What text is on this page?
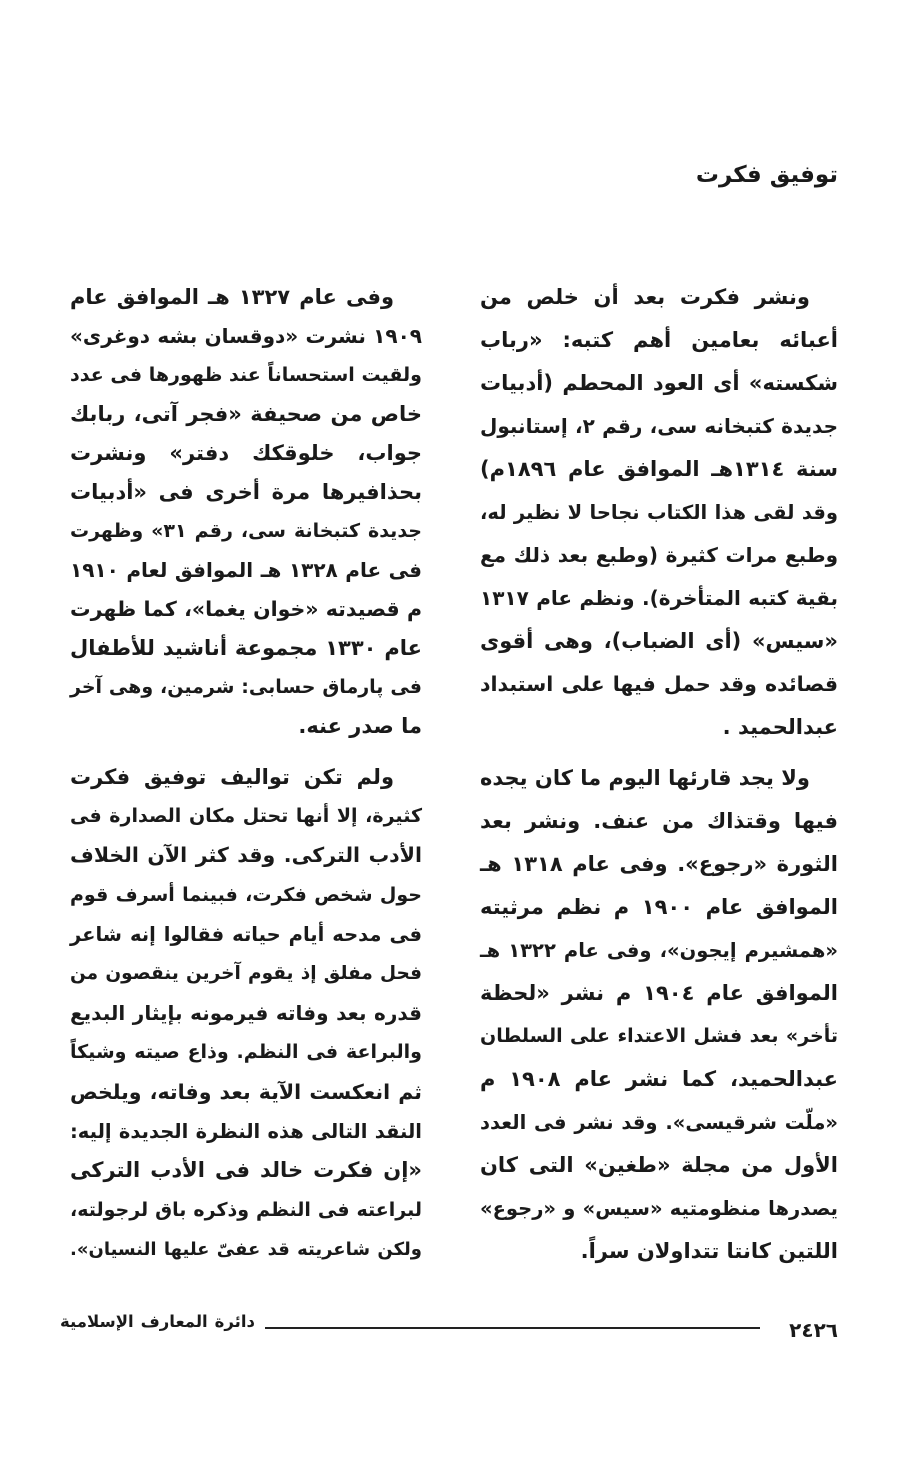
توفيق فكرت
ونشر فكرت بعد أن خلص من
أعبائه بعامين أهم كتبه: «رباب
شكسته» أى العود المحطم (أدبيات
جديدة كتبخانه سى، رقم ٢، إستانبول
سنة ١٣١٤هـ الموافق عام ١٨٩٦م)
وقد لقى هذا الكتاب نجاحا لا نظير له،
وطبع مرات كثيرة (وطبع بعد ذلك مع
بقية كتبه المتأخرة). ونظم عام ١٣١٧
«سيس» (أى الضباب)، وهى أقوى
قصائده وقد حمل فيها على استبداد
عبدالحميد .
ولا يجد قارئها اليوم ما كان يجده
فيها وقتذاك من عنف. ونشر بعد
الثورة «رجوع». وفى عام ١٣١٨ هـ
الموافق عام ١٩٠٠ م نظم مرثيته
«همشيرم إيجون»، وفى عام ١٣٢٢ هـ
الموافق عام ١٩٠٤ م نشر «لحظة
تأخر» بعد فشل الاعتداء على السلطان
عبدالحميد، كما نشر عام ١٩٠٨ م
«ملّت شرقيسى». وقد نشر فى العدد
الأول من مجلة «طغين» التى كان
يصدرها منظومتيه «سيس» و «رجوع»
اللتين كانتا تتداولان سراً.
وفى عام ١٣٢٧ هـ الموافق عام
١٩٠٩ نشرت «دوقسان بشه دوغرى»
ولقيت استحساناً عند ظهورها فى عدد
خاص من صحيفة «فجر آتى، ربابك
جواب، خلوقكك دفتر» ونشرت
بحذافيرها مرة أخرى فى «أدبيات
جديدة كتبخانة سى، رقم ٣١» وظهرت
فى عام ١٣٢٨ هـ الموافق لعام ١٩١٠
م قصيدته «خوان يغما»، كما ظهرت
عام ١٣٣٠ مجموعة أناشيد للأطفال
فى پارماق حسابى: شرمين، وهى آخر
ما صدر عنه.
ولم تكن تواليف توفيق فكرت
كثيرة، إلا أنها تحتل مكان الصدارة فى
الأدب التركى. وقد كثر الآن الخلاف
حول شخص فكرت، فبينما أسرف قوم
فى مدحه أيام حياته فقالوا إنه شاعر
فحل مفلق إذ يقوم آخرين ينقصون من
قدره بعد وفاته فيرمونه بإيثار البديع
والبراعة فى النظم. وذاع صيته وشيكاً
ثم انعكست الآية بعد وفاته، ويلخص
النقد التالى هذه النظرة الجديدة إليه:
«إن فكرت خالد فى الأدب التركى
لبراعته فى النظم وذكره باق لرجولته،
ولكن شاعريته قد عفىّ عليها النسيان».
٢٤٢٦
دائرة المعارف الإسلامية
